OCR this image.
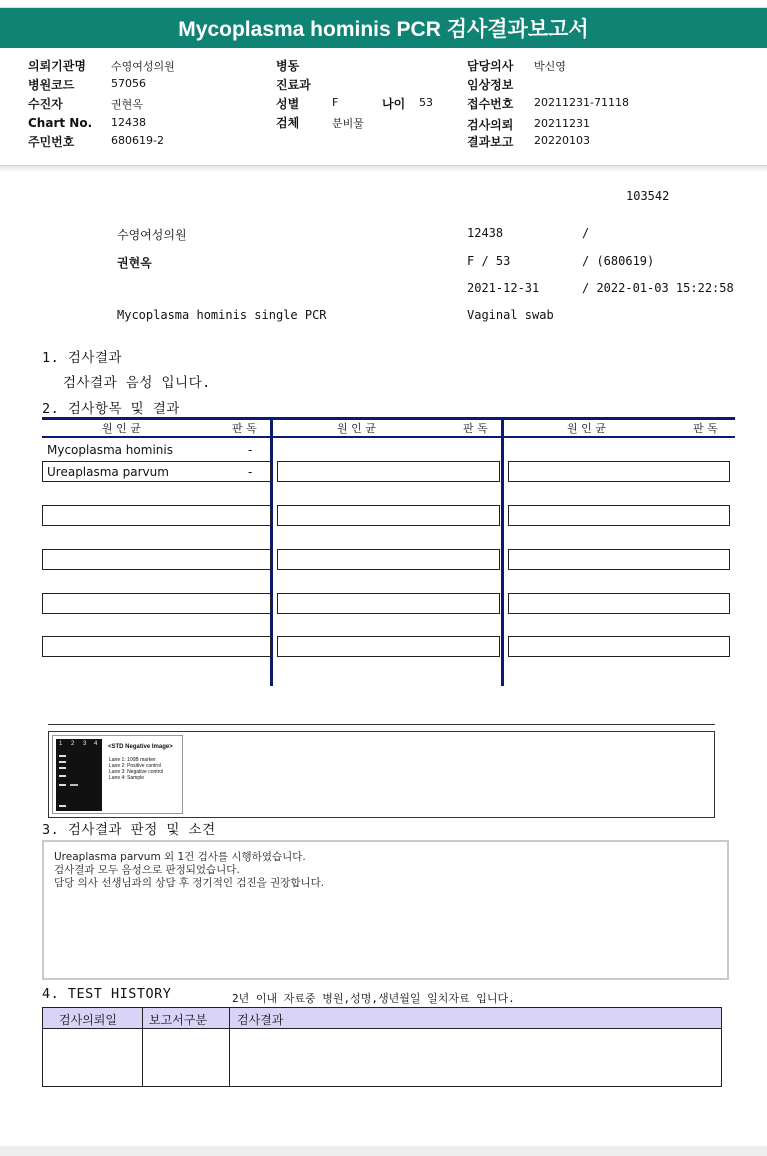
Mycoplasma hominis PCR 검사결과보고서
의뢰기관명 수영여성의원
병원코드	57056
수진자	권현옥
Chart No. 12438
주민번호	680619-2
병동
진료과
성별	F	나이 53
검체	분비물
담당의사 박신영
임상정보
접수번호 20211231-71118
검사의뢰 20211231
결과보고 20220103
103542
수영여성의원	12438	/
권현옥	F / 53	/ (680619)
2021-12-31	/ 2022-01-03 15:22:58
Mycoplasma hominis single PCR	Vaginal swab
1. 검사결과
검사결과 음성 입니다.
2. 검사항목 및 결과
원 인 균	판 독	원 인 균	판 독	원 인 균	판 독
Mycoplasma hominis	-
Ureaplasma parvum	-
1 2 3 4 <STD Negative Image>
Lane 1: 100B marker
Lane 2: Positive control
Lane 3: Negative control
Lane 4: Sample
3. 검사결과 판정 및 소견
Ureaplasma parvum 외 1건 검사를 시행하였습니다.
검사결과 모두 음성으로 판정되었습니다.
담당 의사 선생님과의 상담 후 정기적인 검진을 권장합니다.
4. TEST HISTORY	2년 이내 자료중 병원,성명,생년월일 일치자료 입니다.
검사의뢰일	보고서구분	검사결과
